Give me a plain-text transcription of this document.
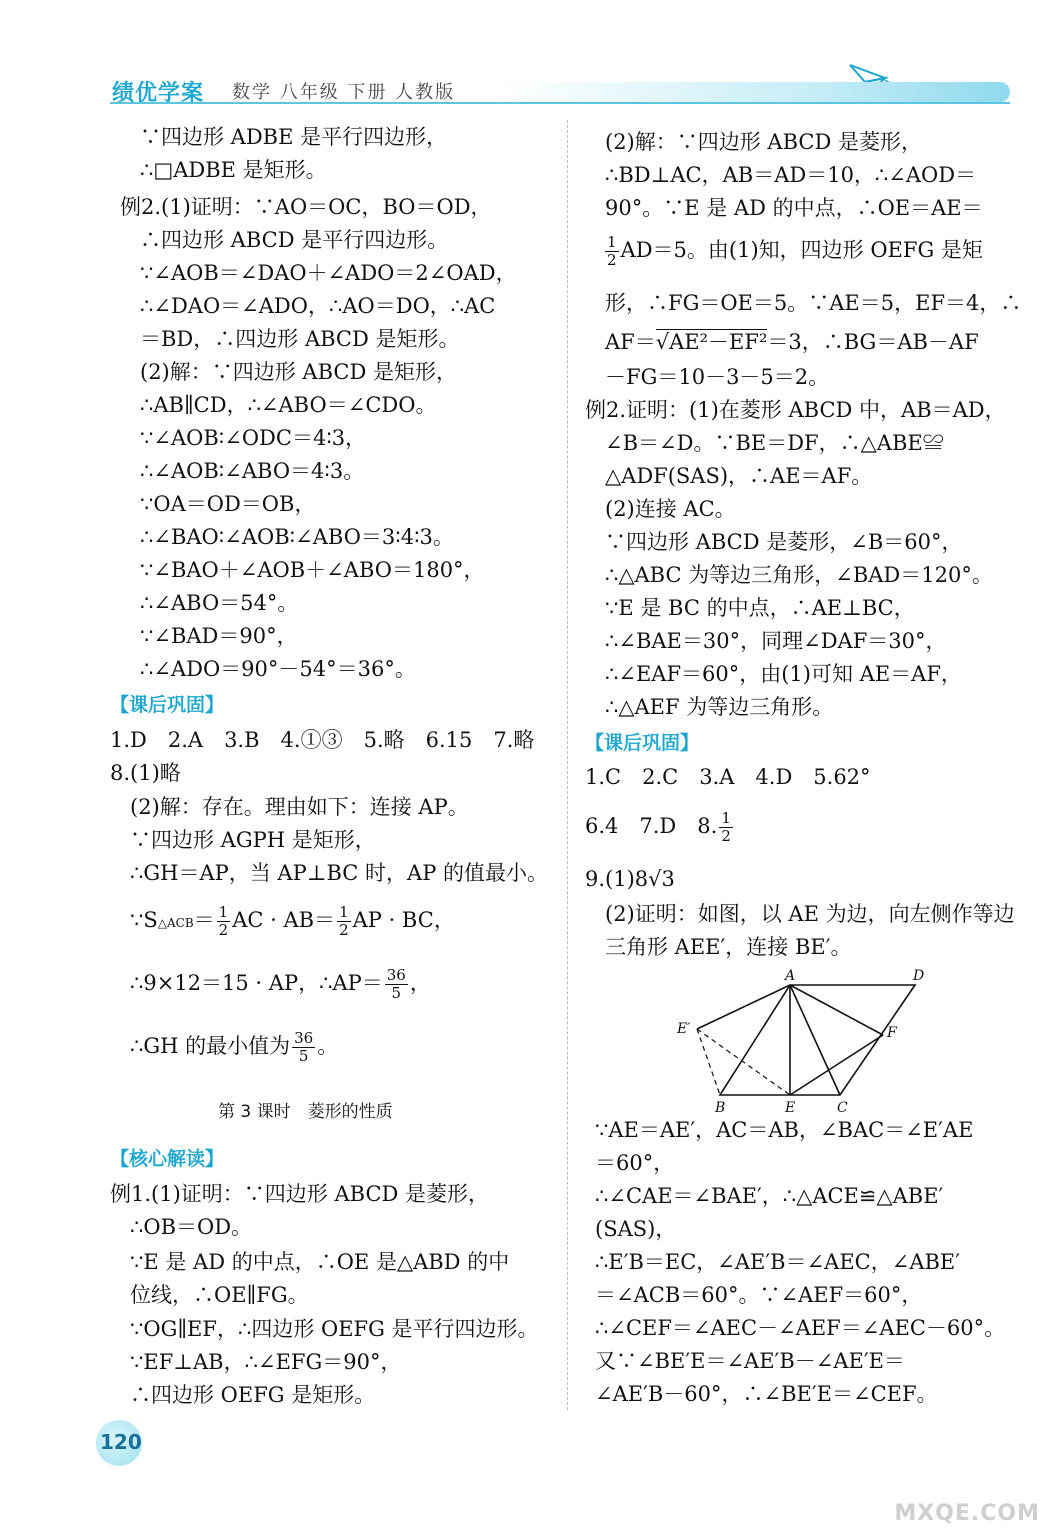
绩优学案 数学 八年级 下册 人教版
∵四边形 ADBE 是平行四边形，
∴□ADBE 是矩形。
例2.(1)证明：∵AO＝OC，BO＝OD，
∴四边形 ABCD 是平行四边形。
∵∠AOB＝∠DAO＋∠ADO＝2∠OAD，
∴∠DAO＝∠ADO，∴AO＝DO，∴AC
＝BD，∴四边形 ABCD 是矩形。
(2)解：∵四边形 ABCD 是矩形，
∴AB∥CD，∴∠ABO＝∠CDO。
∵∠AOB∶∠ODC＝4∶3，
∴∠AOB∶∠ABO＝4∶3。
∵OA＝OD＝OB，
∴∠BAO∶∠AOB∶∠ABO＝3∶4∶3。
∵∠BAO＋∠AOB＋∠ABO＝180°，
∴∠ABO＝54°。
∵∠BAD＝90°，
∴∠ADO＝90°－54°＝36°。
【课后巩固】
1.D　2.A　3.B　4.①③　5.略　6.15　7.略
8.(1)略
(2)解：存在。理由如下：连接 AP。
∵四边形 AGPH 是矩形，
∴GH＝AP，当 AP⊥BC 时，AP 的值最小。
∵S△ACB＝ $\frac{1}{2}$ AC · $AB= \frac{1}{2}$ AP · BC，
∴9×12＝15 · AP，∴AP＝ $\frac{36}{5}$ ，
∴GH 的最小值为 $\frac{36}{5}$ 。
第 3 课时　菱形的性质
【核心解读】
例1.(1)证明：∵四边形 ABCD 是菱形，
∴OB＝OD。
∵E 是 AD 的中点，∴OE 是△ABD 的中
位线，∴OE∥FG。
∵OG∥EF，∴四边形 OEFG 是平行四边形。
∵EF⊥AB，∴∠EFG＝90°，
∴四边形 OEFG 是矩形。
(2)解：∵四边形 ABCD 是菱形，
∴BD⊥AC，AB＝AD＝10，∴∠AOD＝
90°。∵E 是 AD 的中点，∴OE＝AE＝
$\frac{1}{2} AD=5$。由(1)知，四边形 OEFG 是矩
形，∴FG＝OE＝5。∵AE＝5，EF＝4，∴
AF＝√AE²－EF²＝3，∴BG＝AB－AF
－FG＝10－3－5＝2。
例2.证明：(1)在菱形 ABCD 中，AB＝AD，
∠B＝∠D。∵BE＝DF，∴△ABE≌
△ADF(SAS)，∴AE＝AF。
(2)连接 AC。
∵四边形 ABCD 是菱形，∠B＝60°，
∴△ABC 为等边三角形，∠BAD＝120°。
∵E 是 BC 的中点，∴AE⊥BC，
∴∠BAE＝30°，同理∠DAF＝30°，
∴∠EAF＝60°，由(1)可知 AE＝AF，
∴△AEF 为等边三角形。
【课后巩固】
1.C　2.C　3.A　4.D　5.62°
6.4　7.D　8. $\frac{1}{2}$
9.(1)8√3
(2)证明：如图，以 AE 为边，向左侧作等边
三角形 AEE′，连接 BE′。
A	D
E′	F
B	E	C
∵AE＝AE′，AC＝AB，∠BAC＝∠E′AE
＝60°，
∴∠CAE＝∠BAE′，∴△ACE≌△ABE′
(SAS)，
∴E′B＝EC，∠AE′B＝∠AEC，∠ABE′
＝∠ACB＝60°。∵∠AEF＝60°，
∴∠CEF＝∠AEC－∠AEF＝∠AEC－60°。
又∵∠BE′E＝∠AE′B－∠AE′E＝
∠AE′B－60°，∴∠BE′E＝∠CEF。
120
MXQE.COM
